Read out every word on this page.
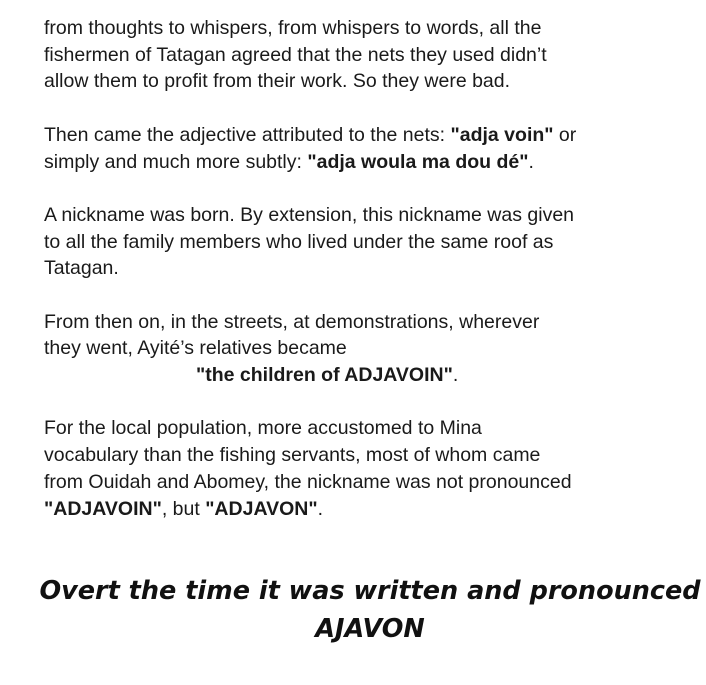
from thoughts to whispers, from whispers to words, all the
fishermen of Tatagan agreed that the nets they used didn’t
allow them to profit from their work. So they were bad.

Then came the adjective attributed to the nets: "adja voin" or
simply and much more subtly: "adja woula ma dou dé".

A nickname was born. By extension, this nickname was given
to all the family members who lived under the same roof as
Tatagan.

From then on, in the streets, at demonstrations, wherever
they went, Ayité’s relatives became
"the children of ADJAVOIN".

For the local population, more accustomed to Mina
vocabulary than the fishing servants, most of whom came
from Ouidah and Abomey, the nickname was not pronounced
"ADJAVOIN", but "ADJAVON".

Overt the time it was written and pronounced
AJAVON
